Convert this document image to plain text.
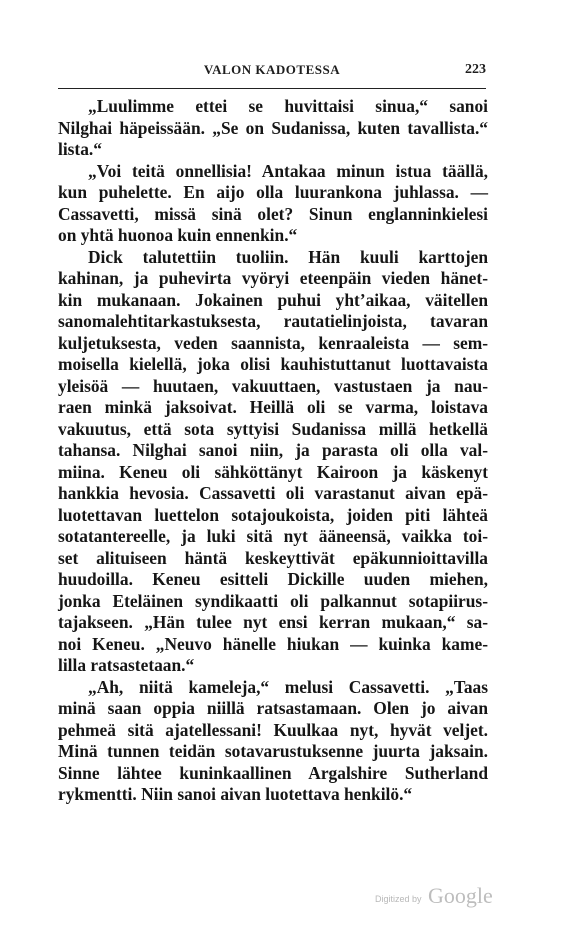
VALON KADOTESSA	223
„Luulimme ettei se huvittaisi sinua,“ sanoi
Nilghai häpeissään. „Se on Sudanissa, kuten tavallista.“
lista.“
„Voi teitä onnellisia! Antakaa minun istua täällä,
kun puhelette. En aijo olla luurankona juhlassa. —
Cassavetti, missä sinä olet? Sinun englanninkielesi
on yhtä huonoa kuin ennenkin.“
Dick talutettiin tuoliin. Hän kuuli karttojen
kahinan, ja puhevirta vyöryi eteenpäin vieden hänet-
kin mukanaan. Jokainen puhui yht’aikaa, väitellen
sanomalehtitarkastuksesta, rautatielinjoista, tavaran
kuljetuksesta, veden saannista, kenraaleista — sem-
moisella kielellä, joka olisi kauhistuttanut luottavaista
yleisöä — huutaen, vakuuttaen, vastustaen ja nau-
raen minkä jaksoivat. Heillä oli se varma, loistava
vakuutus, että sota syttyisi Sudanissa millä hetkellä
tahansa. Nilghai sanoi niin, ja parasta oli olla val-
miina. Keneu oli sähköttänyt Kairoon ja käskenyt
hankkia hevosia. Cassavetti oli varastanut aivan epä-
luotettavan luettelon sotajoukoista, joiden piti lähteä
sotatantereelle, ja luki sitä nyt ääneensä, vaikka toi-
set alituiseen häntä keskeyttivät epäkunnioittavilla
huudoilla. Keneu esitteli Dickille uuden miehen,
jonka Eteläinen syndikaatti oli palkannut sotapiirus-
tajakseen. „Hän tulee nyt ensi kerran mukaan,“ sa-
noi Keneu. „Neuvo hänelle hiukan — kuinka kame-
lilla ratsastetaan.“
„Ah, niitä kameleja,“ melusi Cassavetti. „Taas
minä saan oppia niillä ratsastamaan. Olen jo aivan
pehmeä sitä ajatellessani! Kuulkaa nyt, hyvät veljet.
Minä tunnen teidän sotavarustuksenne juurta jaksain.
Sinne lähtee kuninkaallinen Argalshire Sutherland
rykmentti. Niin sanoi aivan luotettava henkilö.“
Digitized by Google
